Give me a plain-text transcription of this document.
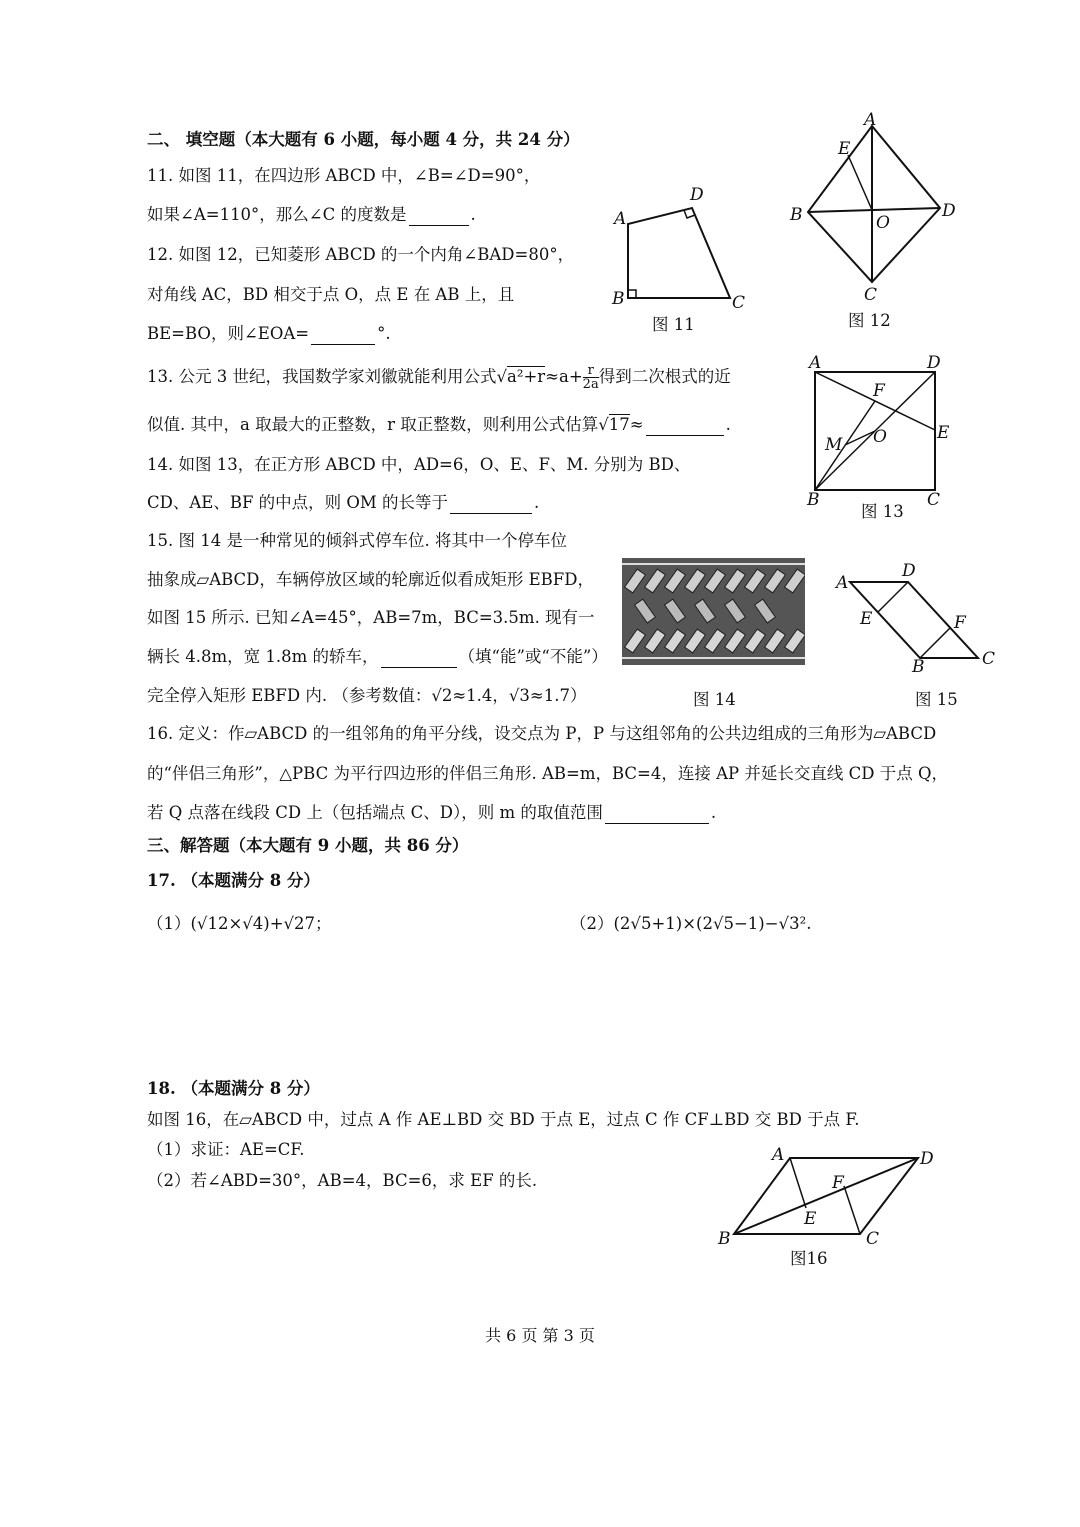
二、 填空题（本大题有 6 小题，每小题 4 分，共 24 分）
11. 如图 11，在四边形 ABCD 中，∠B=∠D=90°，
如果∠A=110°，那么∠C 的度数是	.
12. 如图 12，已知菱形 ABCD 的一个内角∠BAD=80°，
对角线 AC，BD 相交于点 O，点 E 在 AB 上，且
BE=BO，则∠EOA=	°.
13. 公元 3 世纪，我国数学家刘徽就能利用公式$√a^2+r\approx a+ \frac{r}{2a}$ 得到二次根式的近
似值. 其中，a 取最大的正整数，r 取正整数，则利用公式估算√17≈	.
14. 如图 13，在正方形 ABCD 中，AD=6，O、E、F、M. 分别为 BD、
CD、AE、BF 的中点，则 OM 的长等于	.
15. 图 14 是一种常见的倾斜式停车位. 将其中一个停车位
抽象成▱ABCD，车辆停放区域的轮廓近似看成矩形 EBFD，
如图 15 所示. 已知∠A=45°，AB=7m，BC=3.5m. 现有一
辆长 4.8m，宽 1.8m 的轿车，	（填“能”或“不能”）
完全停入矩形 EBFD 内. （参考数值：√2≈1.4，√3≈1.7）
16. 定义：作▱ABCD 的一组邻角的角平分线，设交点为 P，P 与这组邻角的公共边组成的三角形为▱ABCD
的“伴侣三角形”，△PBC 为平行四边形的伴侣三角形. AB=m，BC=4，连接 AP 并延长交直线 CD 于点 Q，
若 Q 点落在线段 CD 上（包括端点 C、D），则 m 的取值范围	.
三、解答题（本大题有 9 小题，共 86 分）
17. （本题满分 8 分）
（1）(√12×√4)+√27；	（2）(2√5+1)×(2√5−1)−√3².
18. （本题满分 8 分）
如图 16，在▱ABCD 中，过点 A 作 AE⊥BD 交 BD 于点 E，过点 C 作 CF⊥BD 交 BD 于点 F.
（1）求证：AE=CF.
（2）若∠ABD=30°，AB=4，BC=6，求 EF 的长.
A
B	C
D
图 11
A
B
C
D
E
O
图 12
A
B	C
D
E
F
M O
图 13
图 14
A
B	C
D
E	F
图 15
A
B	C
D
E
F
图16
共 6 页 第 3 页
